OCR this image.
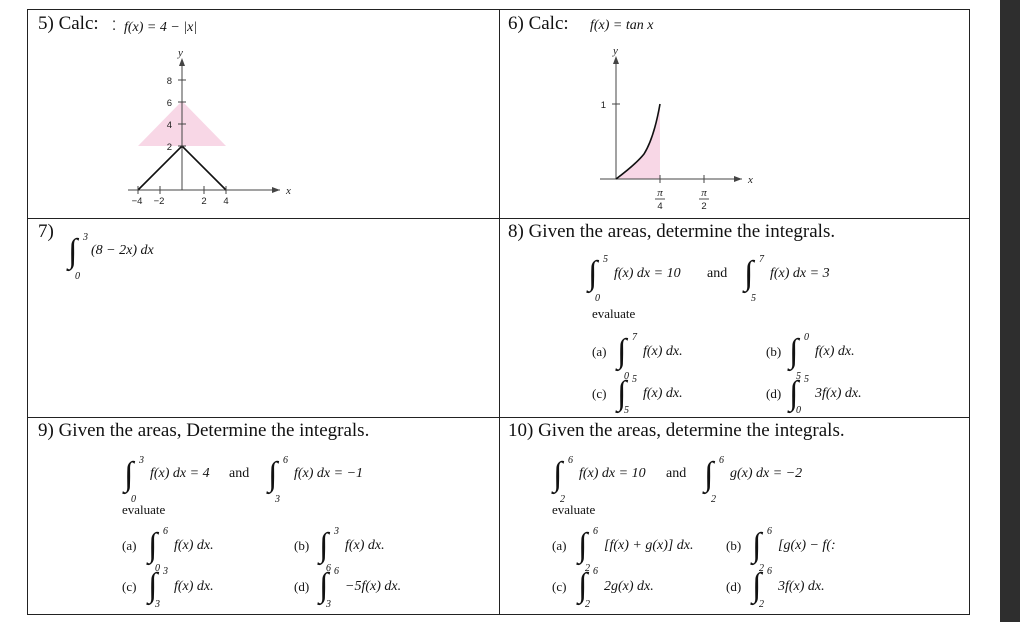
5) Calc: f(x) = 4 − |x|
⁚
y
x
8
6
4
2
−4 −2	2 4
6) Calc: f(x) = tan x
y
x
1
π
4
π
2
7)
∫ 3
0
(8 − 2x) dx
8) Given the areas, determine the integrals.
∫ 5
0
f(x) dx = 10 and ∫ 7
5
f(x) dx = 3
evaluate
(a) ∫ 7
0
f(x) dx.	(b) ∫ 0
5
f(x) dx.
(c) ∫ 5
5
f(x) dx.	(d) ∫ 5
0
3f(x) dx.
9) Given the areas, Determine the integrals.
∫ 3
0
f(x) dx = 4 and ∫ 6
3
f(x) dx = −1
evaluate
(a) ∫ 6
0
f(x) dx.	(b) ∫ 3
6
f(x) dx.
(c) ∫ 3
3
f(x) dx.	(d) ∫ 6
3
−5f(x) dx.
10) Given the areas, determine the integrals.
∫ 6
2
f(x) dx = 10 and ∫ 6
2
g(x) dx = −2
evaluate
(a) ∫ 6
2
[f(x) + g(x)] dx. (b) ∫ 6
2
[g(x) − f(:
(c) ∫ 6
2
2g(x) dx.	(d) ∫ 6
2
3f(x) dx.
